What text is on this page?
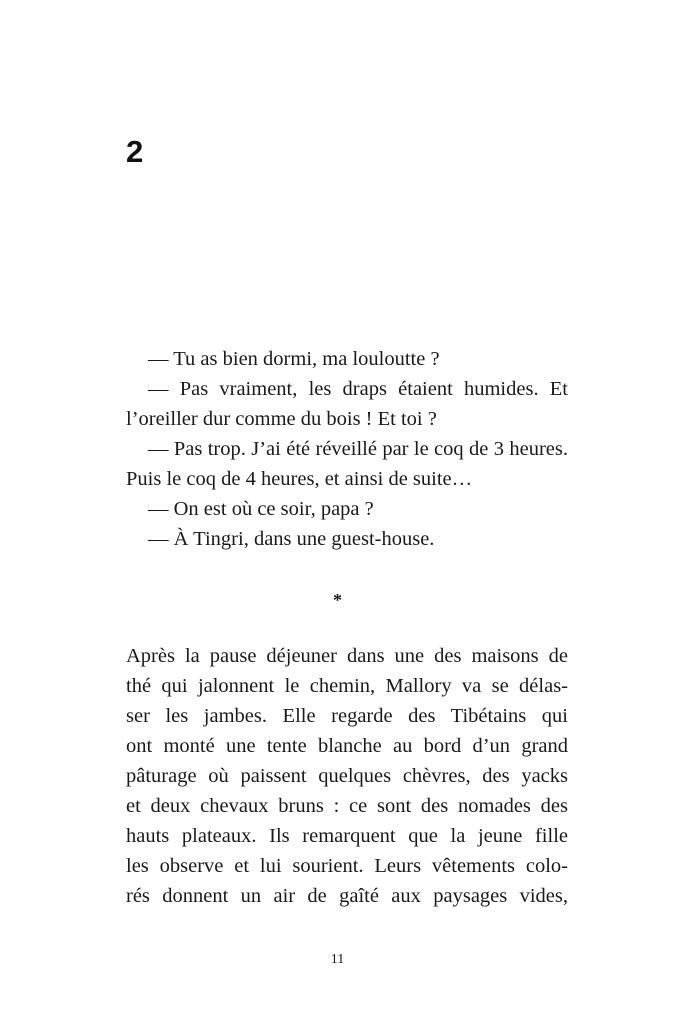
2
— Tu as bien dormi, ma louloutte ?
— Pas vraiment, les draps étaient humides. Et
l’oreiller dur comme du bois ! Et toi ?
— Pas trop. J’ai été réveillé par le coq de 3 heures.
Puis le coq de 4 heures, et ainsi de suite…
— On est où ce soir, papa ?
— À Tingri, dans une guest-house.
*
Après la pause déjeuner dans une des maisons de
thé qui jalonnent le chemin, Mallory va se délas-
ser les jambes. Elle regarde des Tibétains qui
ont monté une tente blanche au bord d’un grand
pâturage où paissent quelques chèvres, des yacks
et deux chevaux bruns : ce sont des nomades des
hauts plateaux. Ils remarquent que la jeune fille
les observe et lui sourient. Leurs vêtements colo-
rés donnent un air de gaîté aux paysages vides,
11
